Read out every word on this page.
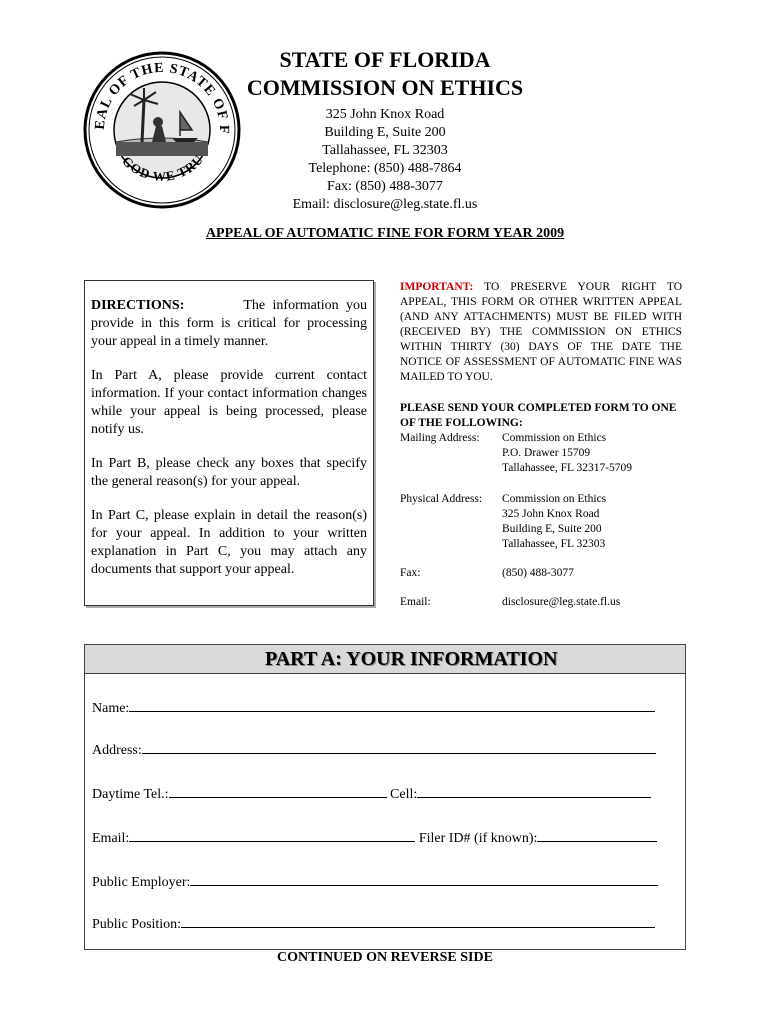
EAL OF THE STATE OF F
GOD WE TRU
STATE OF FLORIDA
COMMISSION ON ETHICS
325 John Knox Road
Building E, Suite 200
Tallahassee, FL 32303
Telephone: (850) 488-7864
Fax: (850) 488-3077
Email: disclosure@leg.state.fl.us
APPEAL OF AUTOMATIC FINE FOR FORM YEAR 2009

DIRECTIONS:	The information you provide in this form is critical for processing your appeal in a timely manner.

In Part A, please provide current contact information. If your contact information changes while your appeal is being processed, please notify us.

In Part B, please check any boxes that specify the general reason(s) for your appeal.

In Part C, please explain in detail the reason(s) for your appeal. In addition to your written explanation in Part C, you may attach any documents that support your appeal.

IMPORTANT: TO PRESERVE YOUR RIGHT TO APPEAL, THIS FORM OR OTHER WRITTEN APPEAL (AND ANY ATTACHMENTS) MUST BE FILED WITH (RECEIVED BY) THE COMMISSION ON ETHICS WITHIN THIRTY (30) DAYS OF THE DATE THE NOTICE OF ASSESSMENT OF AUTOMATIC FINE WAS MAILED TO YOU.
PLEASE SEND YOUR COMPLETED FORM TO ONE OF THE FOLLOWING:
Mailing Address:	Commission on Ethics
P.O. Drawer 15709
Tallahassee, FL 32317-5709
Physical Address:	Commission on Ethics
325 John Knox Road
Building E, Suite 200
Tallahassee, FL 32303
Fax:	(850) 488-3077
Email:	disclosure@leg.state.fl.us
PART A: YOUR INFORMATION
Name:
Address:
Daytime Tel.:	Cell:
Email:	Filer ID# (if known):
Public Employer:
Public Position:
CONTINUED ON REVERSE SIDE
